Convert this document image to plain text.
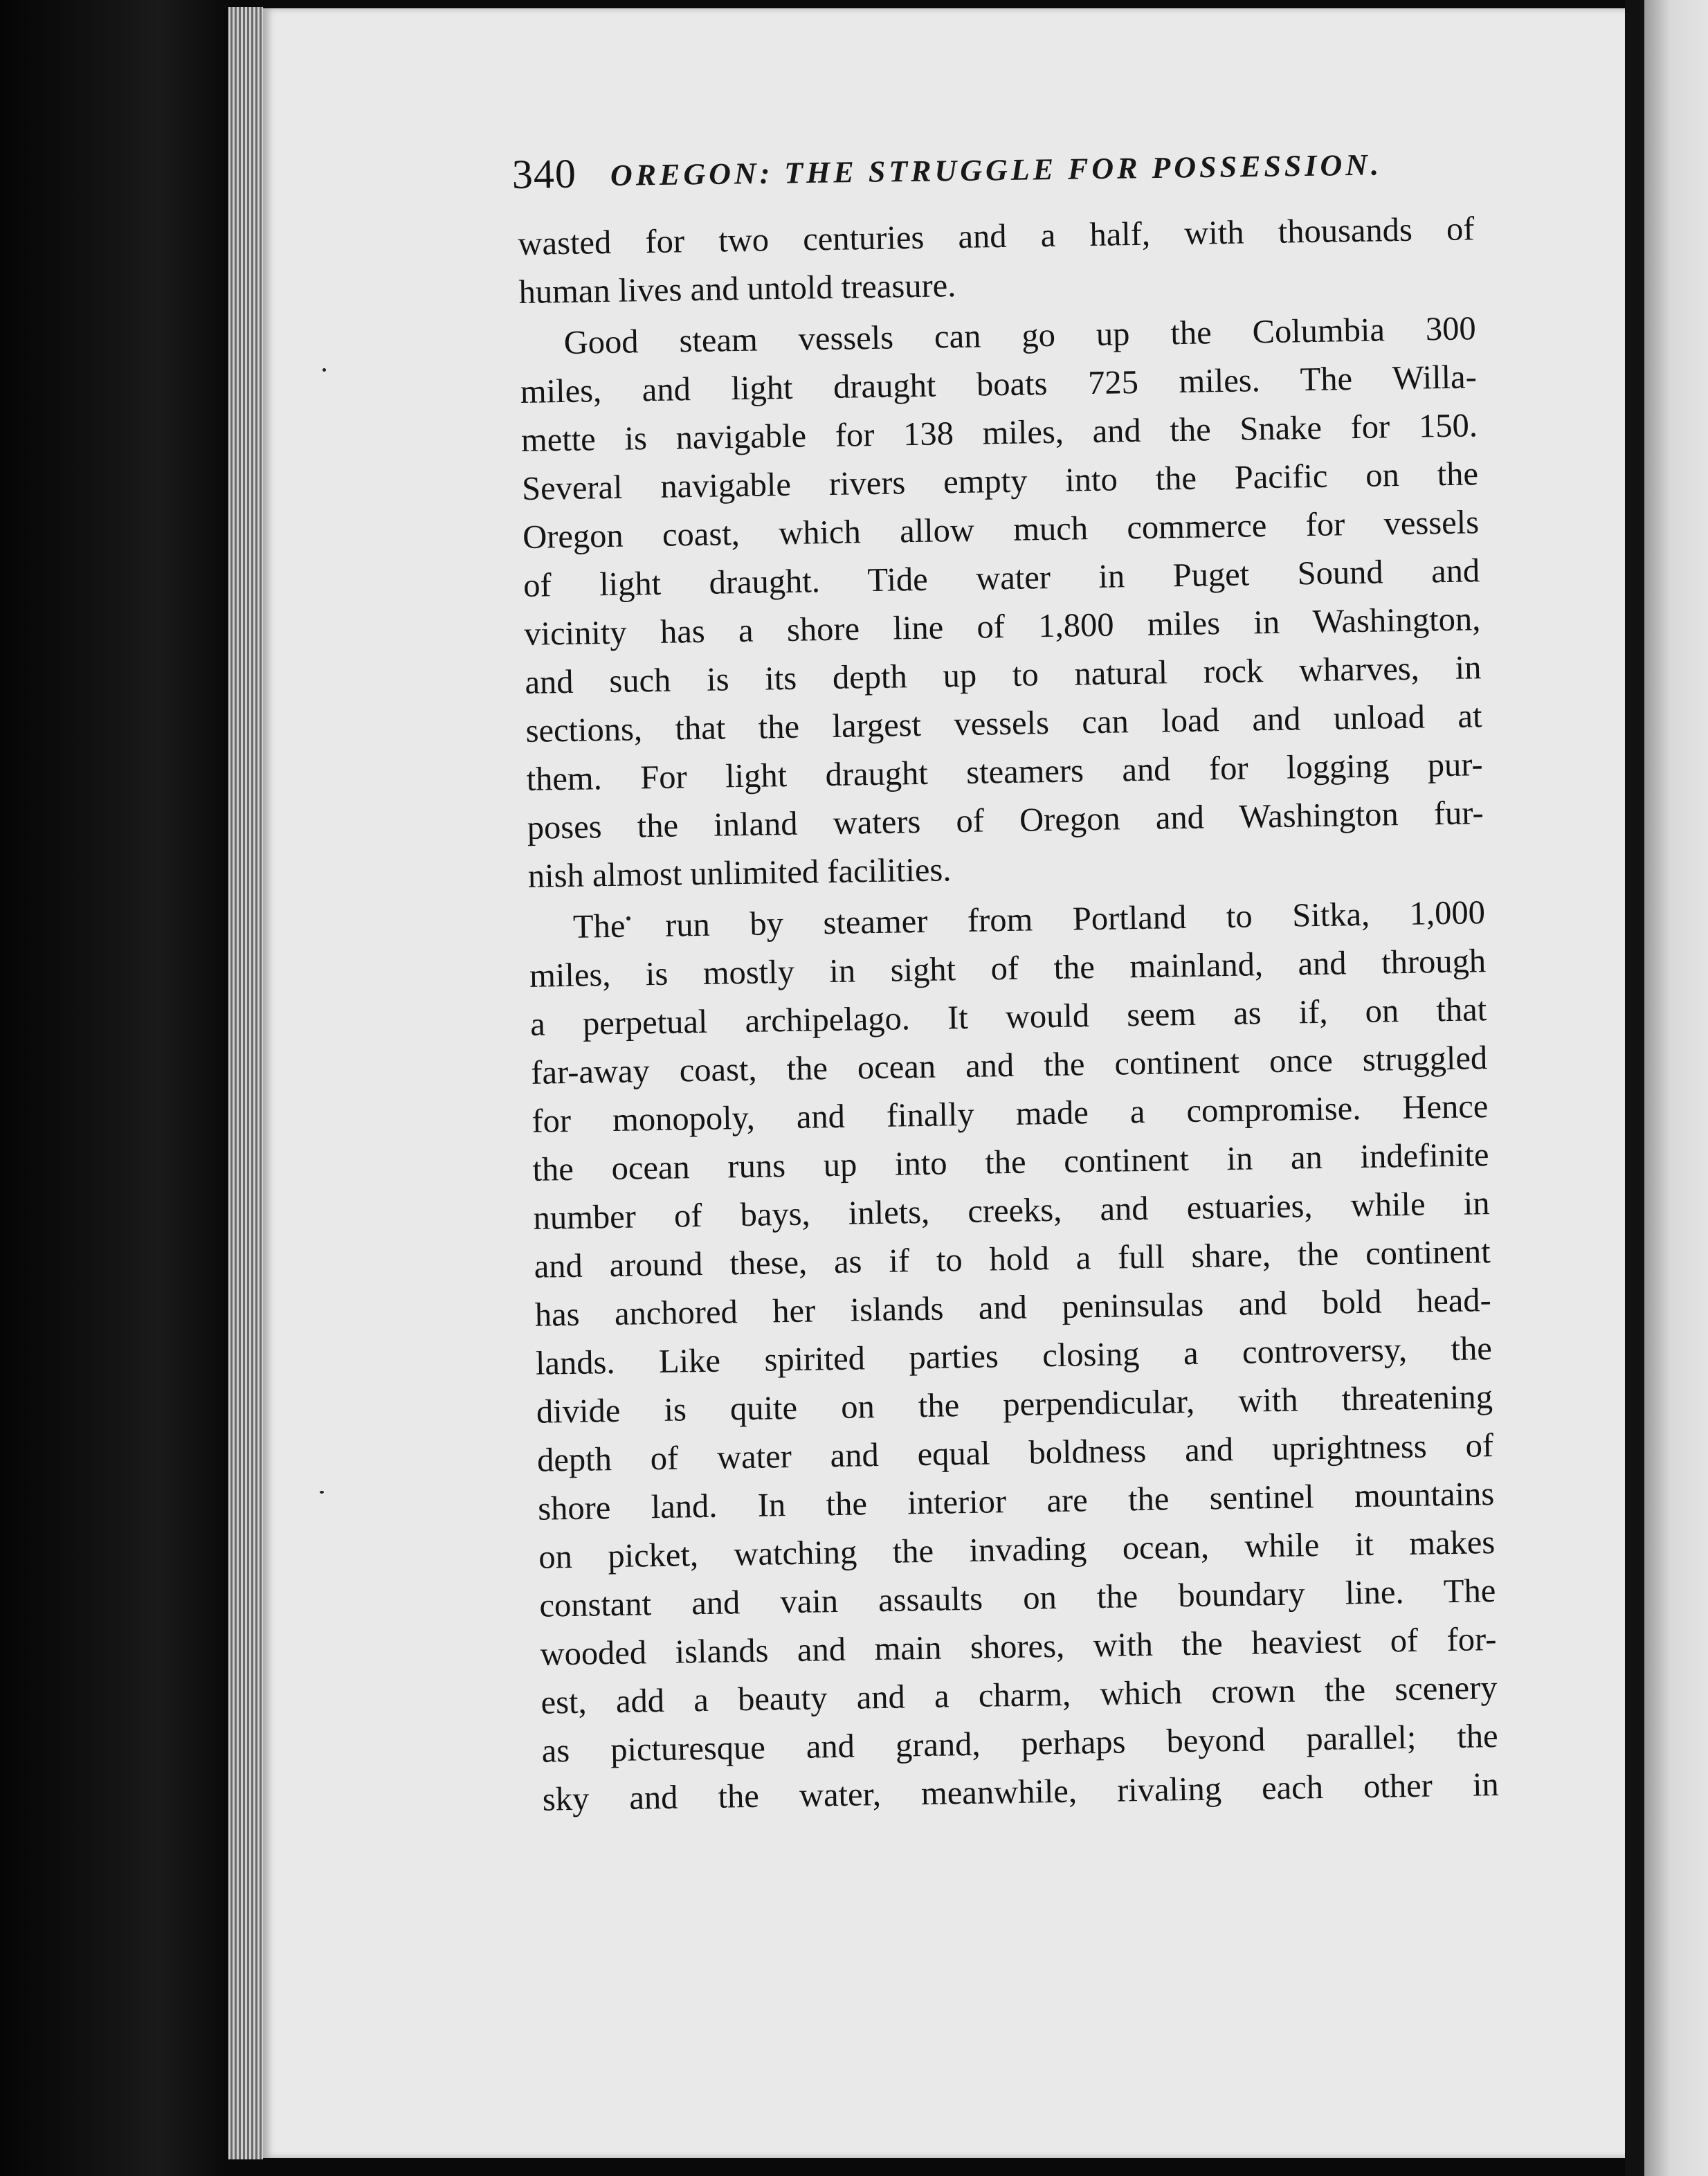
340 OREGON: THE STRUGGLE FOR POSSESSION.
wasted for two centuries and a half, with thousands of
human lives and untold treasure.
Good steam vessels can go up the Columbia 300
miles, and light draught boats 725 miles. The Willa-
mette is navigable for 138 miles, and the Snake for 150.
Several navigable rivers empty into the Pacific on the
Oregon coast, which allow much commerce for vessels
of light draught. Tide water in Puget Sound and
vicinity has a shore line of 1,800 miles in Washington,
and such is its depth up to natural rock wharves, in
sections, that the largest vessels can load and unload at
them. For light draught steamers and for logging pur-
poses the inland waters of Oregon and Washington fur-
nish almost unlimited facilities.
The run by steamer from Portland to Sitka, 1,000
miles, is mostly in sight of the mainland, and through
a perpetual archipelago. It would seem as if, on that
far-away coast, the ocean and the continent once struggled
for monopoly, and finally made a compromise. Hence
the ocean runs up into the continent in an indefinite
number of bays, inlets, creeks, and estuaries, while in
and around these, as if to hold a full share, the continent
has anchored her islands and peninsulas and bold head-
lands. Like spirited parties closing a controversy, the
divide is quite on the perpendicular, with threatening
depth of water and equal boldness and uprightness of
shore land. In the interior are the sentinel mountains
on picket, watching the invading ocean, while it makes
constant and vain assaults on the boundary line. The
wooded islands and main shores, with the heaviest of for-
est, add a beauty and a charm, which crown the scenery
as picturesque and grand, perhaps beyond parallel; the
sky and the water, meanwhile, rivaling each other in
